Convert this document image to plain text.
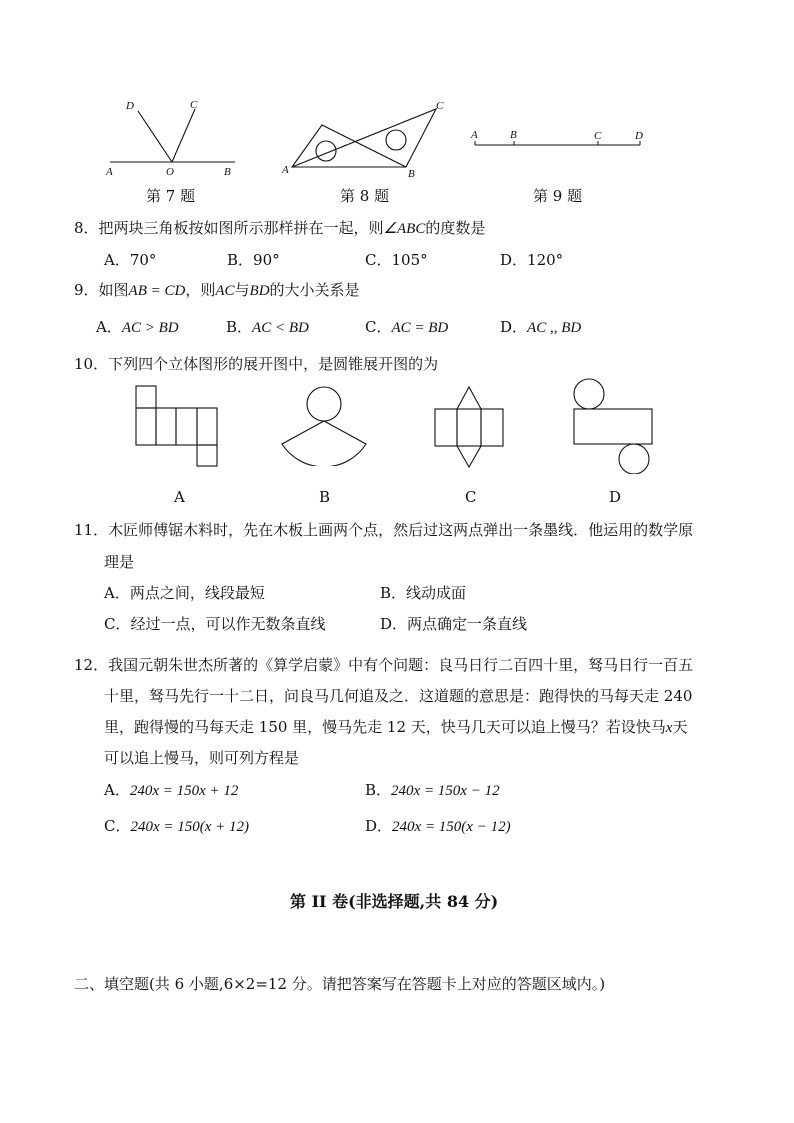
D	C
A	O	B
第 7 题
A	B
C
第 8 题
A	B	C	D
第 9 题
8．把两块三角板按如图所示那样拼在一起，则∠ABC的度数是
A．70°	B．90°	C．105°	D．120°
9．如图AB = CD，则AC与BD的大小关系是
A．AC > BD	B．AC < BD	C．AC = BD	D．AC ,, BD
10．下列四个立体图形的展开图中，是圆锥展开图的为
A	B	C	D
11．木匠师傅锯木料时，先在木板上画两个点，然后过这两点弹出一条墨线．他运用的数学原
理是
A．两点之间，线段最短	B．线动成面
C．经过一点，可以作无数条直线	D．两点确定一条直线
12．我国元朝朱世杰所著的《算学启蒙》中有个问题：良马日行二百四十里，驽马日行一百五
十里，驽马先行一十二日，问良马几何追及之．这道题的意思是：跑得快的马每天走 240
里，跑得慢的马每天走 150 里，慢马先走 12 天，快马几天可以追上慢马？若设快马x天
可以追上慢马，则可列方程是
A．240x = 150x + 12	B．240x = 150x − 12
C．240x = 150(x + 12)	D．240x = 150(x − 12)
第 II 卷(非选择题,共 84 分)
二、填空题(共 6 小题,6×2=12 分。请把答案写在答题卡上对应的答题区域内。)
